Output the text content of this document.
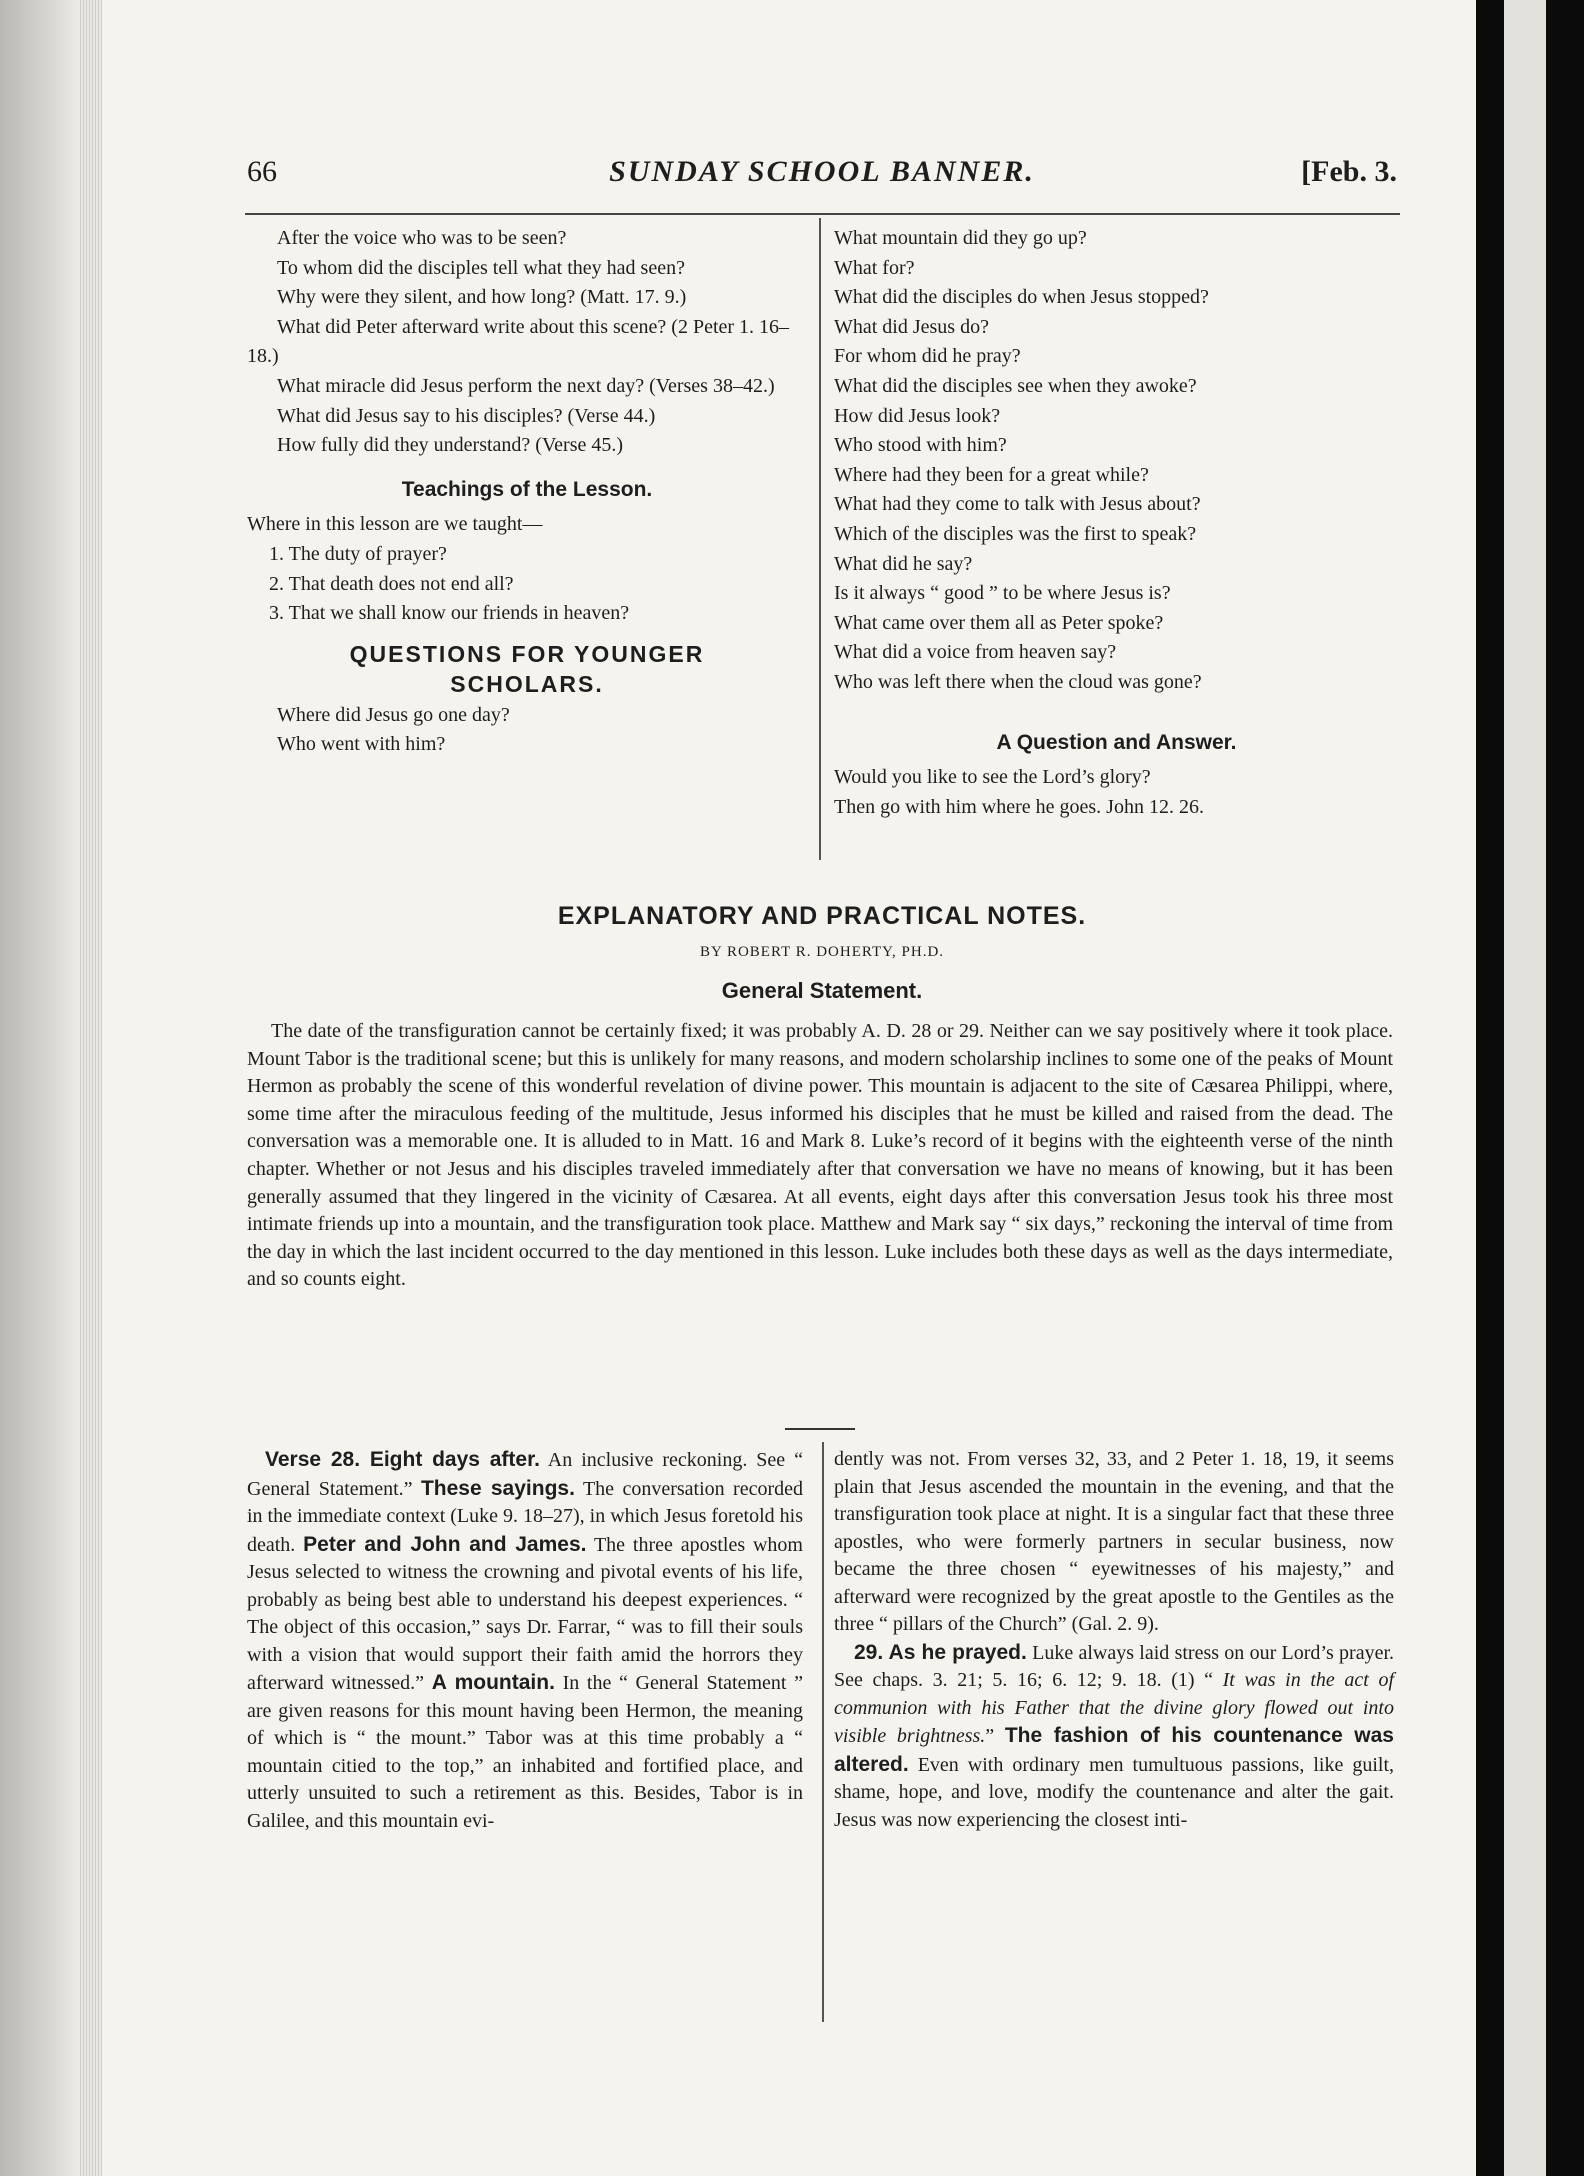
66	SUNDAY SCHOOL BANNER.	[Feb. 3.

After the voice who was to be seen?

To whom did the disciples tell what they had seen?

Why were they silent, and how long? (Matt. 17. 9.)

What did Peter afterward write about this scene? (2 Peter 1. 16–18.)

What miracle did Jesus perform the next day? (Verses 38–42.)

What did Jesus say to his disciples? (Verse 44.)

How fully did they understand? (Verse 45.)

Teachings of the Lesson.

Where in this lesson are we taught—

1. The duty of prayer?

2. That death does not end all?

3. That we shall know our friends in heaven?

QUESTIONS FOR YOUNGER SCHOLARS.

Where did Jesus go one day?

Who went with him?

What mountain did they go up?

What for?

What did the disciples do when Jesus stopped?

What did Jesus do?

For whom did he pray?

What did the disciples see when they awoke?

How did Jesus look?

Who stood with him?

Where had they been for a great while?

What had they come to talk with Jesus about?

Which of the disciples was the first to speak?

What did he say?

Is it always “ good ” to be where Jesus is?

What came over them all as Peter spoke?

What did a voice from heaven say?

Who was left there when the cloud was gone?

A Question and Answer.

Would you like to see the Lord’s glory?

Then go with him where he goes. John 12. 26.

EXPLANATORY AND PRACTICAL NOTES.
BY ROBERT R. DOHERTY, PH.D.
General Statement.
The date of the transfiguration cannot be certainly fixed; it was probably A. D. 28 or 29. Neither can we say positively where it took place. Mount Tabor is the traditional scene; but this is unlikely for many reasons, and modern scholarship inclines to some one of the peaks of Mount Hermon as probably the scene of this wonderful revelation of divine power. This mountain is adjacent to the site of Cæsarea Philippi, where, some time after the miraculous feeding of the multitude, Jesus informed his disciples that he must be killed and raised from the dead. The conversation was a memorable one. It is alluded to in Matt. 16 and Mark 8. Luke’s record of it begins with the eighteenth verse of the ninth chapter. Whether or not Jesus and his disciples traveled immediately after that conversation we have no means of knowing, but it has been generally assumed that they lingered in the vicinity of Cæsarea. At all events, eight days after this conversation Jesus took his three most intimate friends up into a mountain, and the transfiguration took place. Matthew and Mark say “ six days,” reckoning the interval of time from the day in which the last incident occurred to the day mentioned in this lesson. Luke includes both these days as well as the days intermediate, and so counts eight.

Verse 28. Eight days after. An inclusive reckoning. See “ General Statement.” These sayings. The conversation recorded in the immediate context (Luke 9. 18–27), in which Jesus foretold his death. Peter and John and James. The three apostles whom Jesus selected to witness the crowning and pivotal events of his life, probably as being best able to understand his deepest experiences. “ The object of this occasion,” says Dr. Farrar, “ was to fill their souls with a vision that would support their faith amid the horrors they afterward witnessed.” A mountain. In the “ General Statement ” are given reasons for this mount having been Hermon, the meaning of which is “ the mount.” Tabor was at this time probably a “ mountain citied to the top,” an inhabited and fortified place, and utterly unsuited to such a retirement as this. Besides, Tabor is in Galilee, and this mountain evi-

dently was not. From verses 32, 33, and 2 Peter 1. 18, 19, it seems plain that Jesus ascended the mountain in the evening, and that the transfiguration took place at night. It is a singular fact that these three apostles, who were formerly partners in secular business, now became the three chosen “ eyewitnesses of his majesty,” and afterward were recognized by the great apostle to the Gentiles as the three “ pillars of the Church” (Gal. 2. 9).

29. As he prayed. Luke always laid stress on our Lord’s prayer. See chaps. 3. 21; 5. 16; 6. 12; 9. 18. (1) “ It was in the act of communion with his Father that the divine glory flowed out into visible brightness.” The fashion of his countenance was altered. Even with ordinary men tumultuous passions, like guilt, shame, hope, and love, modify the countenance and alter the gait. Jesus was now experiencing the closest inti-
